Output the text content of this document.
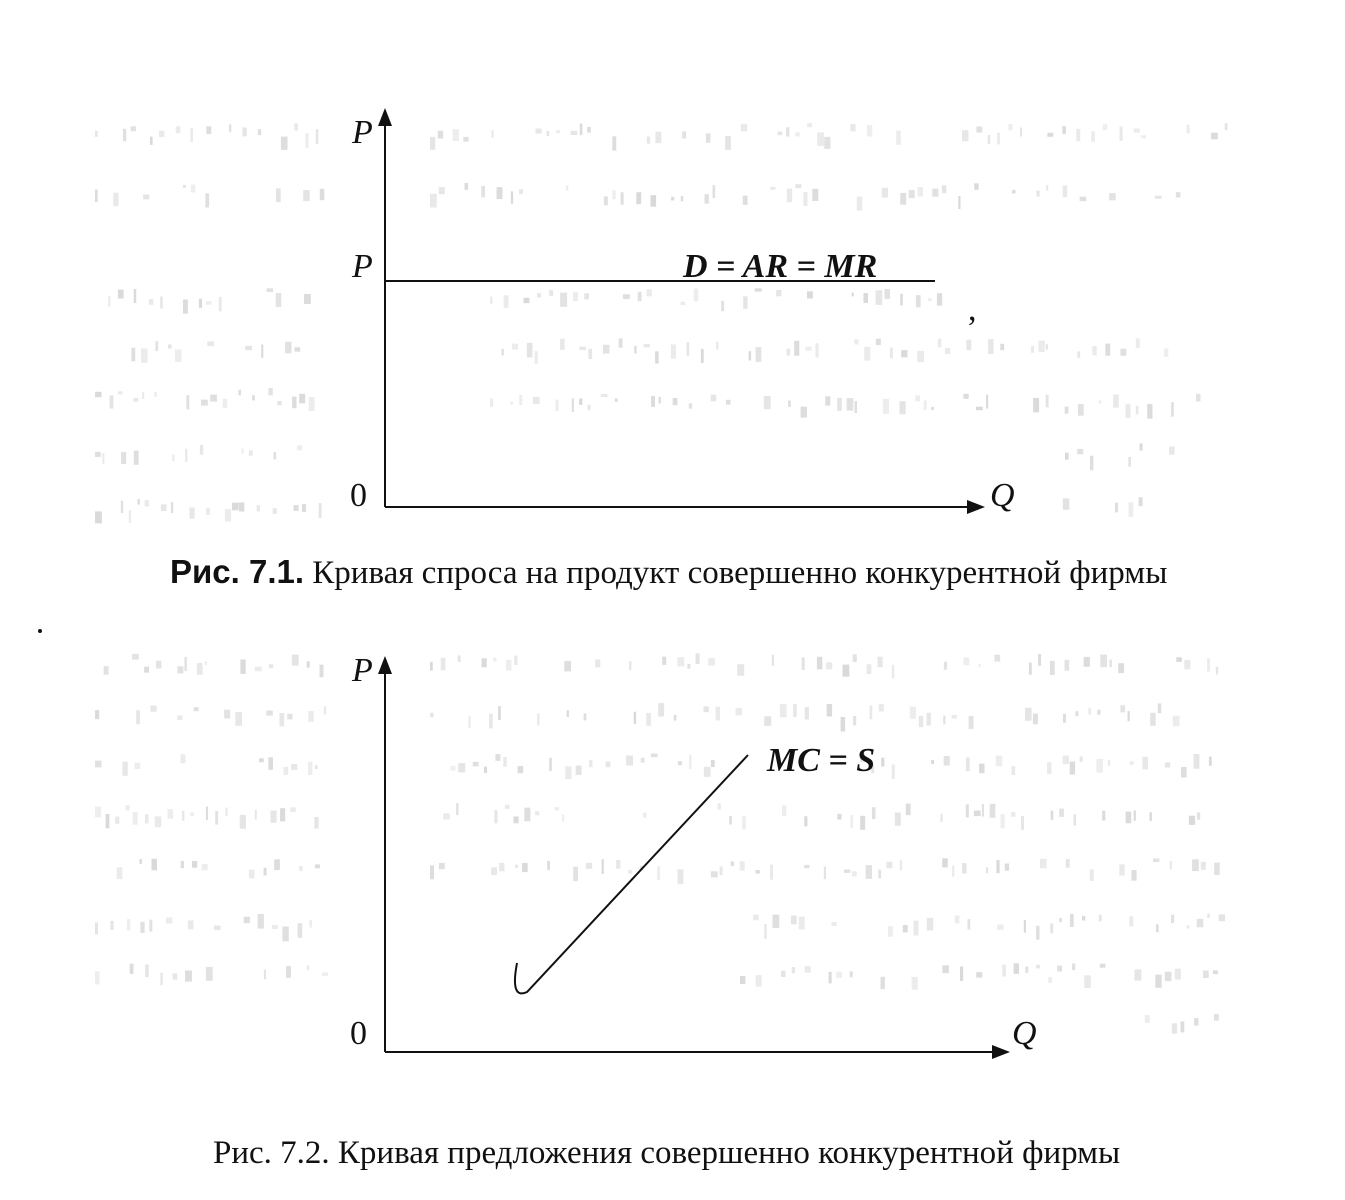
P
P
0	Q
D = AR = MR
,
P
0	Q
MC = S
Рис. 7.1. Кривая спроса на продукт совершенно конкурентной фирмы
Рис. 7.2. Кривая предложения совершенно конкурентной фирмы
